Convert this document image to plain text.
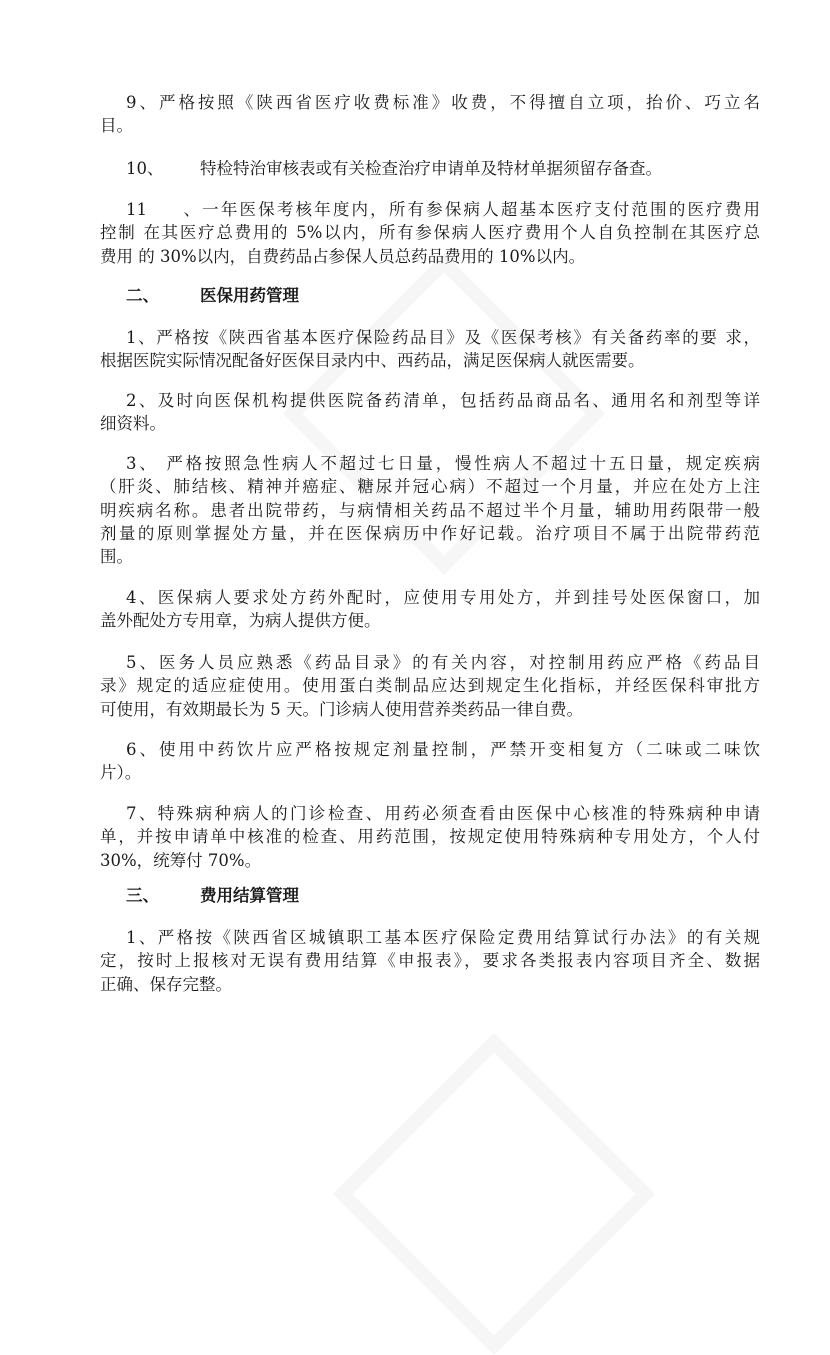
9、严格按照《陕西省医疗收费标准》收费，不得擅自立项，抬价、巧立名
目。
10、 特检特治审核表或有关检查治疗申请单及特材单据须留存备查。
11、一年医保考核年度内，所有参保病人超基本医疗支付范围的医疗费用
控制 在其医疗总费用的 5%以内，所有参保病人医疗费用个人自负控制在其医疗总
费用 的 30%以内，自费药品占参保人员总药品费用的 10%以内。
二、 医保用药管理
1、严格按《陕西省基本医疗保险药品目》及《医保考核》有关备药率的要 求，
根据医院实际情况配备好医保目录内中、西药品，满足医保病人就医需要。
2、及时向医保机构提供医院备药清单，包括药品商品名、通用名和剂型等详
细资料。
3、 严格按照急性病人不超过七日量，慢性病人不超过十五日量，规定疾病
（肝炎、肺结核、精神并癌症、糖尿并冠心病）不超过一个月量，并应在处方上注
明疾病名称。患者出院带药，与病情相关药品不超过半个月量，辅助用药限带一般
剂量的原则掌握处方量，并在医保病历中作好记载。治疗项目不属于出院带药范
围。
4、医保病人要求处方药外配时，应使用专用处方，并到挂号处医保窗口，加
盖外配处方专用章，为病人提供方便。
5、医务人员应熟悉《药品目录》的有关内容，对控制用药应严格《药品目
录》规定的适应症使用。使用蛋白类制品应达到规定生化指标，并经医保科审批方
可使用，有效期最长为 5 天。门诊病人使用营养类药品一律自费。
6、使用中药饮片应严格按规定剂量控制，严禁开变相复方（二味或二味饮
片）。
7、特殊病种病人的门诊检查、用药必须查看由医保中心核准的特殊病种申请
单，并按申请单中核准的检查、用药范围，按规定使用特殊病种专用处方，个人付
30%，统筹付 70%。
三、 费用结算管理
1、严格按《陕西省区城镇职工基本医疗保险定费用结算试行办法》的有关规
定，按时上报核对无误有费用结算《申报表》，要求各类报表内容项目齐全、数据
正确、保存完整。
